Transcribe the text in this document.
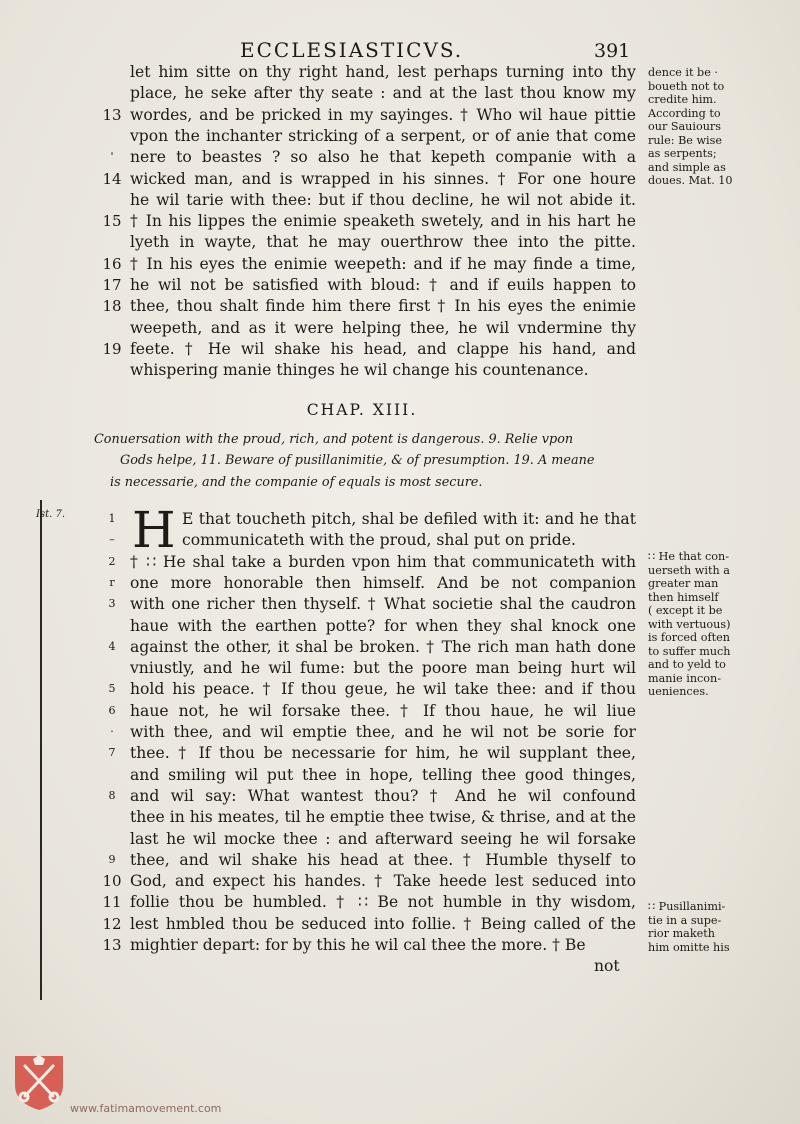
ECCLESIASTICVS.	391
let him sitte on thy right hand, lest perhaps turning into thy
place, he seke after thy seate : and at the last thou know my
wordes, and be pricked in my sayinges. † Who wil haue pittie
13
vpon the inchanter stricking of a serpent, or of anie that come
nere to beastes ? so also he that kepeth companie with a
'
wicked man, and is wrapped in his sinnes. † For one houre
14
he wil tarie with thee: but if thou decline, he wil not abide it.
† In his lippes the enimie speaketh swetely, and in his hart he
15
lyeth in wayte, that he may ouerthrow thee into the pitte.
† In his eyes the enimie weepeth: and if he may finde a time,
16
he wil not be satisfied with bloud: † and if euils happen to
17
thee, thou shalt finde him there first † In his eyes the enimie
18
weepeth, and as it were helping thee, he wil vndermine thy
feete. † He wil shake his head, and clappe his hand, and
19
whispering manie thinges he wil change his countenance.
CHAP. XIII.
Conuersation with the proud, rich, and potent is dangerous. 9. Relie vpon
Gods helpe, 11. Beware of pusillanimitie, & of presumption. 19. A meane
is necessarie, and the companie of equals is most secure.
Ist. 7. H E that toucheth pitch, shal be defiled with it: and he that
1
communicateth with the proud, shal put on pride.
–
† ∷ He shal take a burden vpon him that communicateth with
2
one more honorable then himself. And be not companion
r
with one richer then thyself. † What societie shal the caudron
3
haue with the earthen potte? for when they shal knock one
against the other, it shal be broken. † The rich man hath done
4
vniustly, and he wil fume: but the poore man being hurt wil
hold his peace. † If thou geue, he wil take thee: and if thou
5
haue not, he wil forsake thee. † If thou haue, he wil liue
6
with thee, and wil emptie thee, and he wil not be sorie for
·
thee. † If thou be necessarie for him, he wil supplant thee,
7
and smiling wil put thee in hope, telling thee good thinges,
and wil say: What wantest thou? † And he wil confound
8
thee in his meates, til he emptie thee twise, & thrise, and at the
last he wil mocke thee : and afterward seeing he wil forsake
thee, and wil shake his head at thee. † Humble thyself to
9
God, and expect his handes. † Take heede lest seduced into
10
follie thou be humbled. † ∷ Be not humble in thy wisdom,
11
lest hmbled thou be seduced into follie. † Being called of the
12
mightier depart: for by this he wil cal thee the more. † Be
13
not
dence it be ·
boueth not to
credite him.
According to
our Sauiours
rule: Be wise
as serpents;
and simple as
doues. Mat. 10
∷ He that con-
uerseth with a
greater man
then himself
( except it be
with vertuous)
is forced often
to suffer much
and to yeld to
manie incon-
ueniences.
∷ Pusillanimi-
tie in a supe-
rior maketh
him omitte his
www.fatimamovement.com
